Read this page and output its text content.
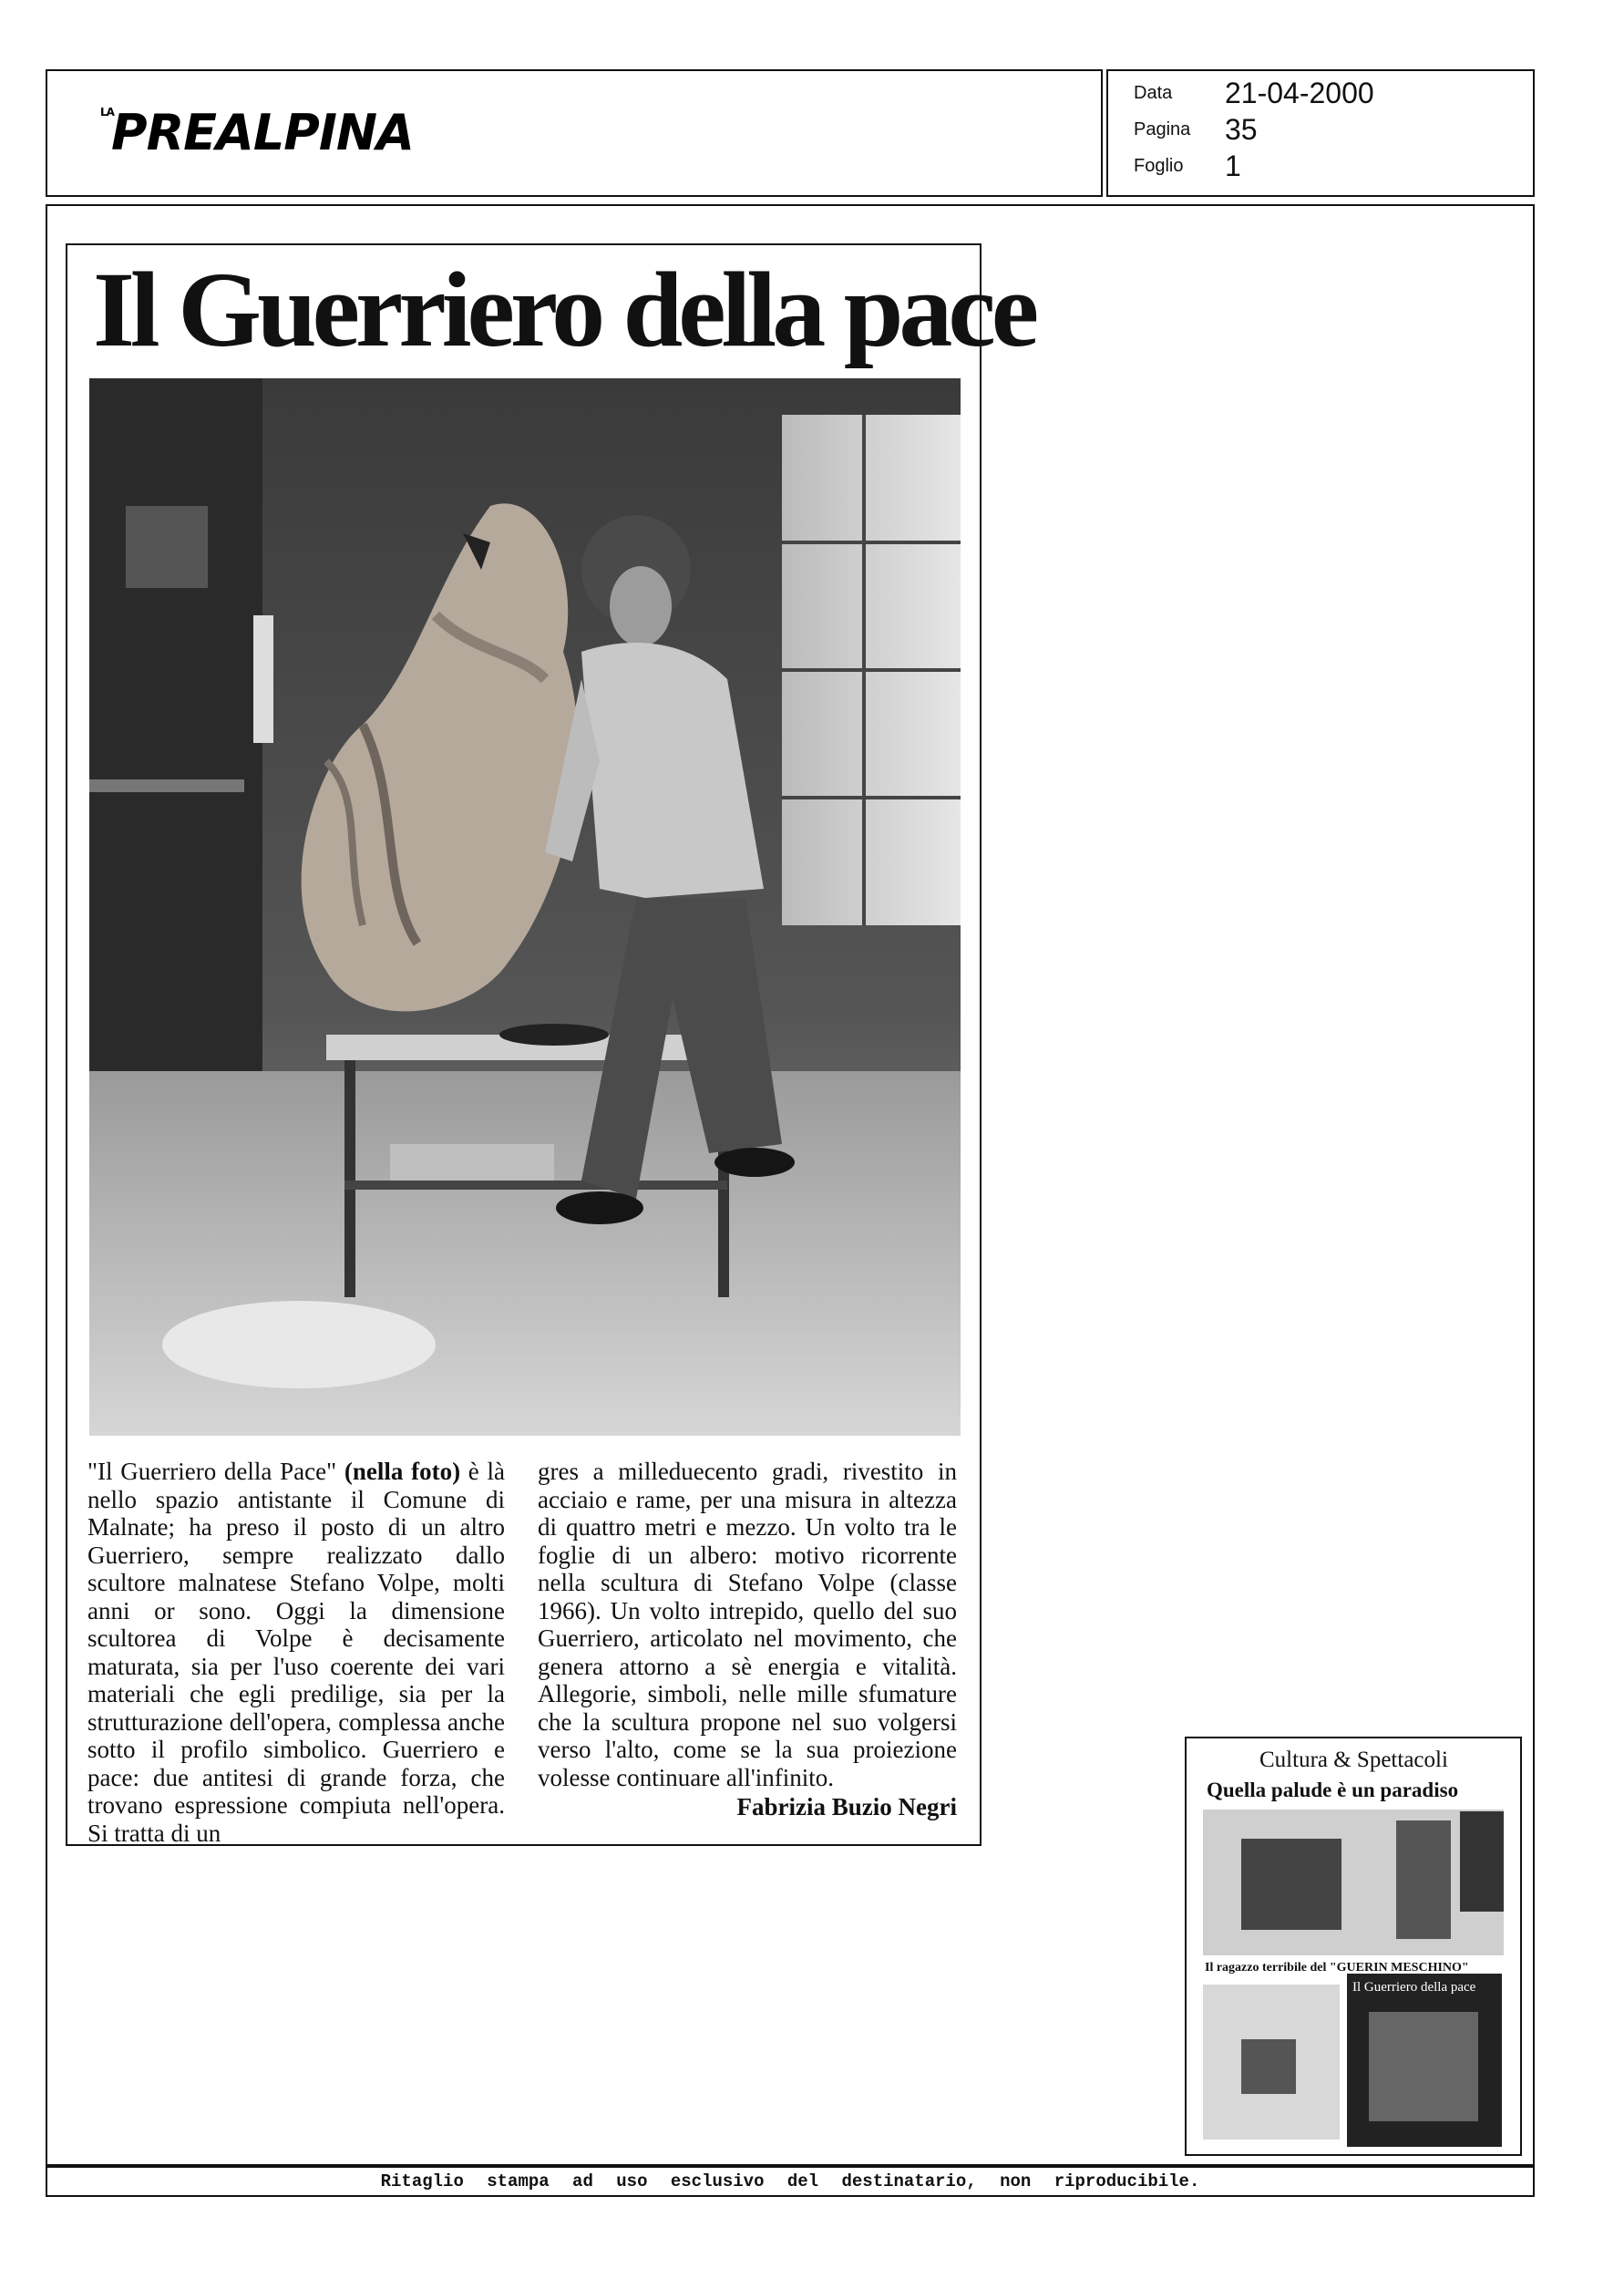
LA
PREALPINA
Data 21-04-2000
Pagina 35
Foglio 1
Il Guerriero della pace
"Il Guerriero della Pace" (nella foto) è là nello spazio antistante il Comune di Malnate; ha preso il posto di un altro Guerriero, sempre realizzato dallo scultore malnatese Stefano Volpe, molti anni or sono. Oggi la dimensione scultorea di Volpe è decisamente maturata, sia per l'uso coerente dei vari materiali che egli predilige, sia per la strutturazione dell'opera, complessa anche sotto il profilo simbolico. Guerriero e pace: due antitesi di grande forza, che trovano espressione compiuta nell'opera. Si tratta di un
gres a milleduecento gradi, rivestito in acciaio e rame, per una misura in altezza di quattro metri e mezzo. Un volto tra le foglie di un albero: motivo ricorrente nella scultura di Stefano Volpe (classe 1966). Un volto intrepido, quello del suo Guerriero, articolato nel movimento, che genera attorno a sè energia e vitalità. Allegorie, simboli, nelle mille sfumature che la scultura propone nel suo volgersi verso l'alto, come se la sua proiezione volesse continuare all'infinito.
Fabrizia Buzio Negri
Cultura & Spettacoli
Quella palude è un paradiso
Il ragazzo terribile del "GUERIN MESCHINO"
Il Guerriero della pace
Ritaglio stampa ad uso esclusivo del destinatario, non riproducibile.
